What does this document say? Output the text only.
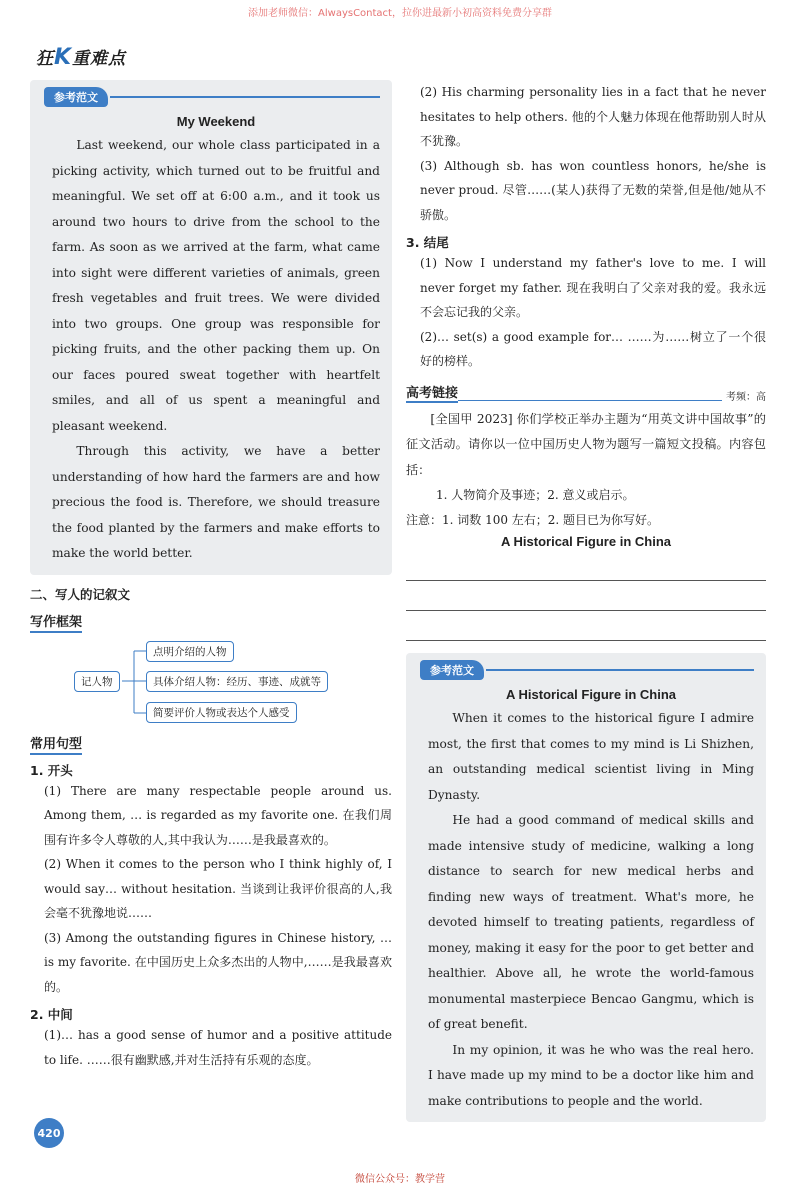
添加老师微信：AlwaysContact，拉你进最新小初高资料免费分享群
狂K重难点
参考范文
My Weekend

Last weekend, our whole class participated in a picking activity, which turned out to be fruitful and meaningful. We set off at 6:00 a.m., and it took us around two hours to drive from the school to the farm. As soon as we arrived at the farm, what came into sight were different varieties of animals, green fresh vegetables and fruit trees. We were divided into two groups. One group was responsible for picking fruits, and the other packing them up. On our faces poured sweat together with heartfelt smiles, and all of us spent a meaningful and pleasant weekend.

Through this activity, we have a better understanding of how hard the farmers are and how precious the food is. Therefore, we should treasure the food planted by the farmers and make efforts to make the world better.

二、写人的记叙文
写作框架
记人物
点明介绍的人物
具体介绍人物：经历、事迹、成就等
简要评价人物或表达个人感受
常用句型
1. 开头

(1) There are many respectable people around us. Among them, … is regarded as my favorite one. 在我们周围有许多令人尊敬的人,其中我认为……是我最喜欢的。

(2) When it comes to the person who I think highly of, I would say… without hesitation. 当谈到让我评价很高的人,我会毫不犹豫地说……

(3) Among the outstanding figures in Chinese history, … is my favorite. 在中国历史上众多杰出的人物中,……是我最喜欢的。

2. 中间

(1)… has a good sense of humor and a positive attitude to life. ……很有幽默感,并对生活持有乐观的态度。

(2) His charming personality lies in a fact that he never hesitates to help others. 他的个人魅力体现在他帮助别人时从不犹豫。

(3) Although sb. has won countless honors, he/she is never proud. 尽管……(某人)获得了无数的荣誉,但是他/她从不骄傲。

3. 结尾

(1) Now I understand my father's love to me. I will never forget my father. 现在我明白了父亲对我的爱。我永远不会忘记我的父亲。

(2)… set(s) a good example for… ……为……树立了一个很好的榜样。

高考链接	考频：高

[全国甲 2023] 你们学校正举办主题为“用英文讲中国故事”的征文活动。请你以一位中国历史人物为题写一篇短文投稿。内容包括：

1. 人物简介及事迹；2. 意义或启示。

注意：1. 词数 100 左右；2. 题目已为你写好。

A Historical Figure in China
参考范文
A Historical Figure in China

When it comes to the historical figure I admire most, the first that comes to my mind is Li Shizhen, an outstanding medical scientist living in Ming Dynasty.

He had a good command of medical skills and made intensive study of medicine, walking a long distance to search for new medical herbs and finding new ways of treatment. What's more, he devoted himself to treating patients, regardless of money, making it easy for the poor to get better and healthier. Above all, he wrote the world-famous monumental masterpiece Bencao Gangmu, which is of great benefit.

In my opinion, it was he who was the real hero. I have made up my mind to be a doctor like him and make contributions to people and the world.

420
微信公众号：教学营
